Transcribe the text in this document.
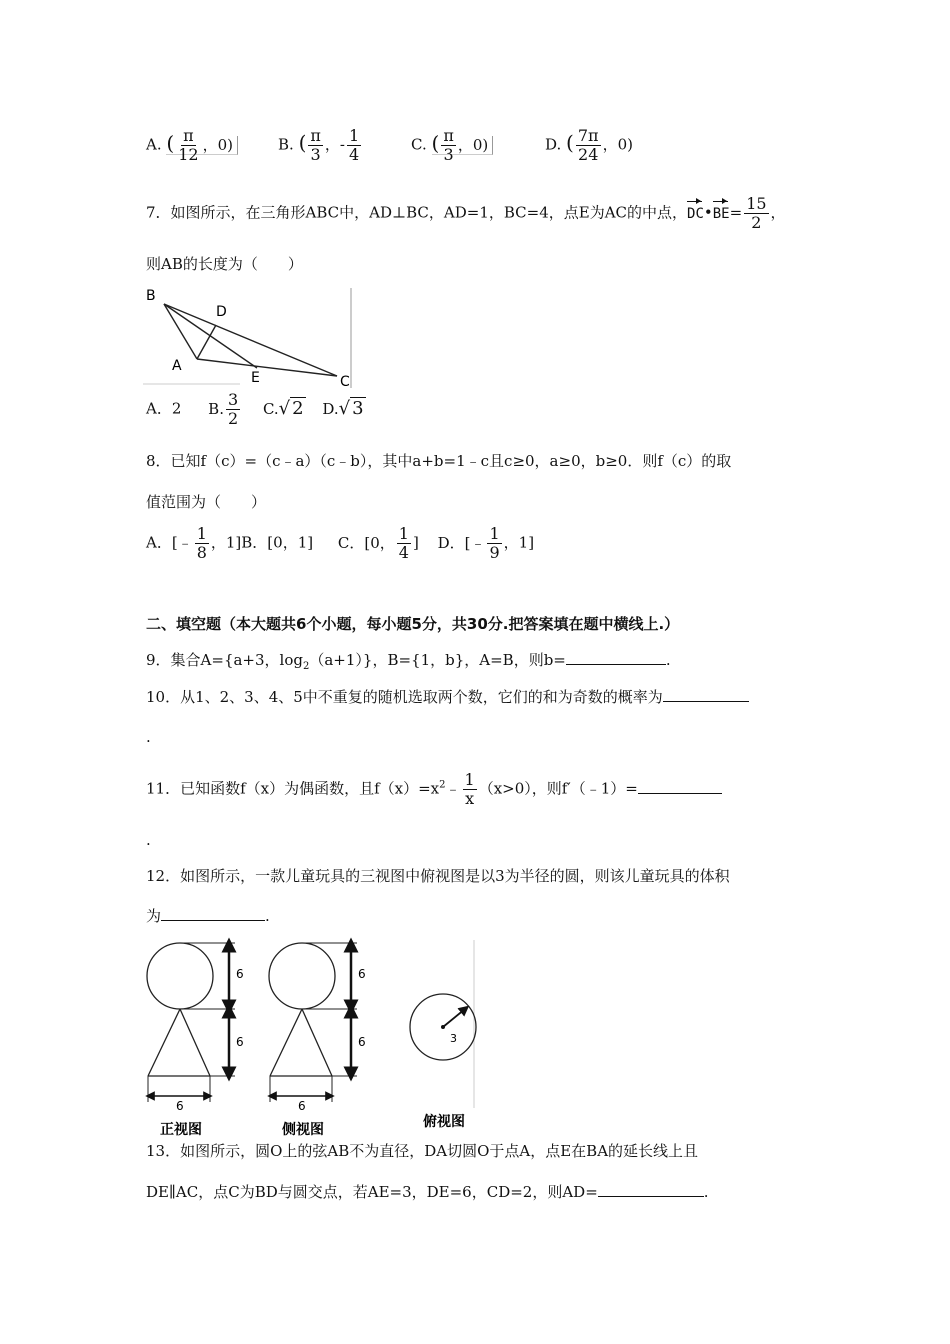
A. ( $\frac{\pi}{12}$ ，0)	B. ( $\frac{\pi}{3}$ ，- $\frac{1}{4}$	C. ( $\frac{\pi}{3}$ ，0)	D. ( $\frac{7\pi}{24}$ ，0)
7．如图所示，在三角形ABC中，AD⊥BC，AD=1，BC=4，点E为AC的中点，DC•BE= $\frac{15}{2}$ ，
则AB的长度为（　　）
B
D
A
E	C
A．2 B. $\frac{3}{2} C.√$ 2 D.√ 3
8．已知f（c）=（c﹣a）（c﹣b），其中a+b=1﹣c且c≥0，a≥0，b≥0．则f（c）的取
值范围为（　　）
A．[﹣ $\frac{1}{8}$ ，1]B．[0，1] C．[0， $\frac{1}{4}$ ] D．[﹣ $\frac{1}{9}$ ，1]
二、填空题（本大题共6个小题，每小题5分，共30分.把答案填在题中横线上.）
9．集合A={a+3，$\log_2(a+1)$}，B={1，b}，A=B，则b=	.
10．从1、2、3、4、5中不重复的随机选取两个数，它们的和为奇数的概率为
.
11．已知函数f（x）为偶函数，且$f(x)=x^2﹣ \frac{1}{x} (x>0)$，则f′（﹣1）=
.
12．如图所示，一款儿童玩具的三视图中俯视图是以3为半径的圆，则该儿童玩具的体积
为	.
6
6
6
正视图
6
6
6
侧视图
3
俯视图
13．如图所示，圆O上的弦AB不为直径，DA切圆O于点A，点E在BA的延长线上且
DE∥AC，点C为BD与圆交点，若AE=3，DE=6，CD=2，则AD=	.
